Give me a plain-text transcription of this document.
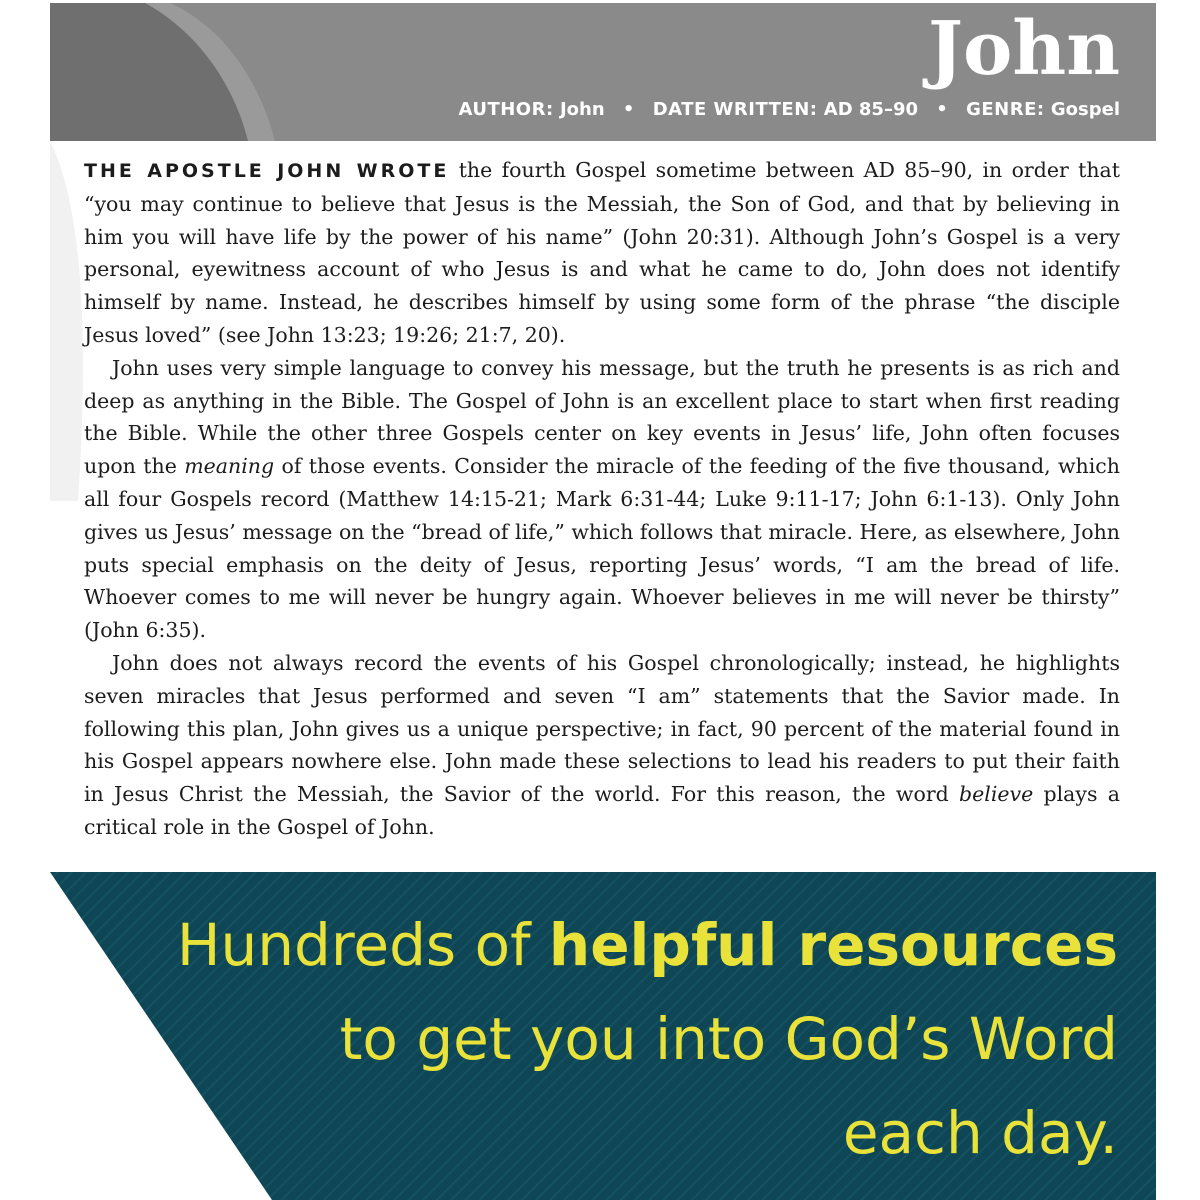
John
AUTHOR: John • DATE WRITTEN: AD 85–90 • GENRE: Gospel

THE APOSTLE JOHN WROTE the fourth Gospel sometime between AD 85–90, in order that “you may continue to believe that Jesus is the Messiah, the Son of God, and that by believing in him you will have life by the power of his name” (John 20:31). Although John’s Gospel is a very personal, eyewitness account of who Jesus is and what he came to do, John does not identify himself by name. Instead, he describes himself by using some form of the phrase “the disciple Jesus loved” (see John 13:23; 19:26; 21:7, 20).

John uses very simple language to convey his message, but the truth he presents is as rich and deep as anything in the Bible. The Gospel of John is an excellent place to start when first reading the Bible. While the other three Gospels center on key events in Jesus’ life, John often focuses upon the meaning of those events. Consider the miracle of the feeding of the five thousand, which all four Gospels record (Matthew 14:15-21; Mark 6:31-44; Luke 9:11-17; John 6:1-13). Only John gives us Jesus’ message on the “bread of life,” which follows that miracle. Here, as elsewhere, John puts special emphasis on the deity of Jesus, reporting Jesus’ words, “I am the bread of life. Whoever comes to me will never be hungry again. Whoever believes in me will never be thirsty” (John 6:35).

John does not always record the events of his Gospel chronologically; instead, he highlights seven miracles that Jesus performed and seven “I am” statements that the Savior made. In following this plan, John gives us a unique perspective; in fact, 90 percent of the material found in his Gospel appears nowhere else. John made these selections to lead his readers to put their faith in Jesus Christ the Messiah, the Savior of the world. For this reason, the word believe plays a critical role in the Gospel of John.

Hundreds of helpful resources
to get you into God’s Word
each day.
